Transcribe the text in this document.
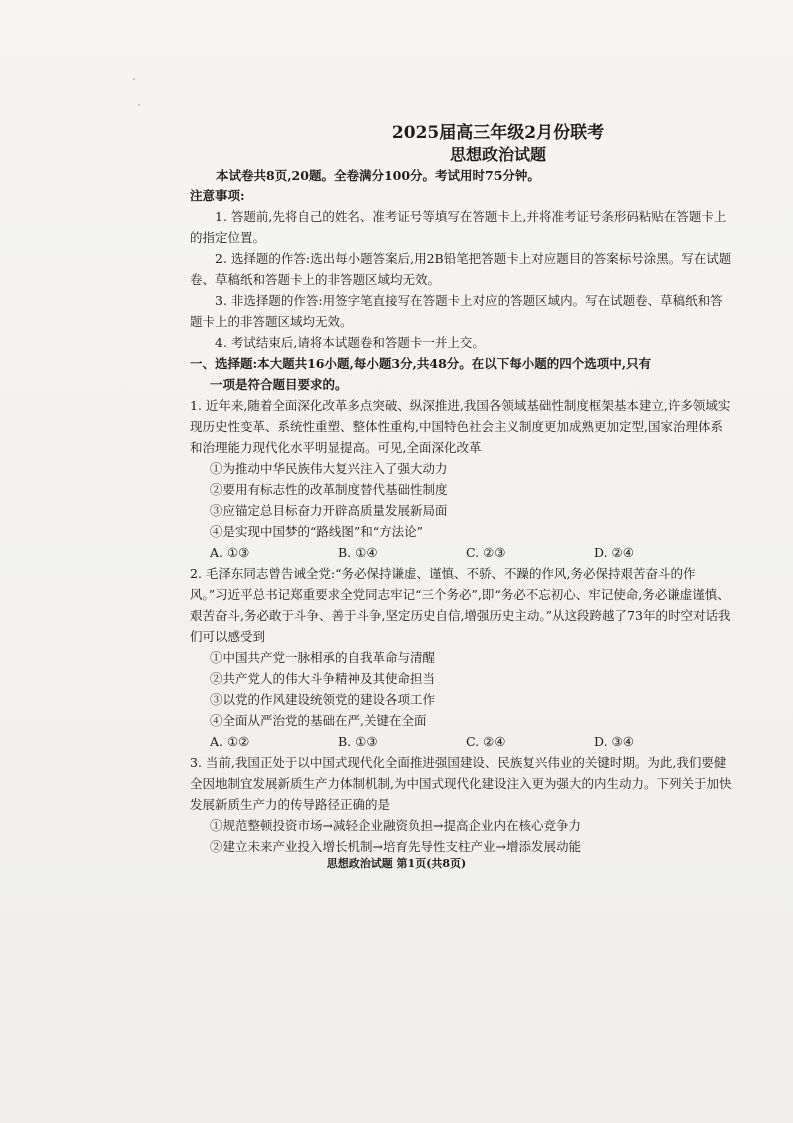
2025届高三年级2月份联考
思想政治试题
本试卷共8页,20题。全卷满分100分。考试用时75分钟。
注意事项:
1. 答题前,先将自己的姓名、准考证号等填写在答题卡上,并将准考证号条形码粘贴在答题卡上的指定位置。
2. 选择题的作答:选出每小题答案后,用2B铅笔把答题卡上对应题目的答案标号涂黑。写在试题卷、草稿纸和答题卡上的非答题区域均无效。
3. 非选择题的作答:用签字笔直接写在答题卡上对应的答题区域内。写在试题卷、草稿纸和答题卡上的非答题区域均无效。
4. 考试结束后,请将本试题卷和答题卡一并上交。
一、选择题:本大题共16小题,每小题3分,共48分。在以下每小题的四个选项中,只有
一项是符合题目要求的。
1. 近年来,随着全面深化改革多点突破、纵深推进,我国各领域基础性制度框架基本建立,许多领域实现历史性变革、系统性重塑、整体性重构,中国特色社会主义制度更加成熟更加定型,国家治理体系和治理能力现代化水平明显提高。可见,全面深化改革
①为推动中华民族伟大复兴注入了强大动力
②要用有标志性的改革制度替代基础性制度
③应锚定总目标奋力开辟高质量发展新局面
④是实现中国梦的“路线图”和“方法论”
A. ①③	B. ①④	C. ②③	D. ②④
2. 毛泽东同志曾告诫全党:“务必保持谦虚、谨慎、不骄、不躁的作风,务必保持艰苦奋斗的作风。”习近平总书记郑重要求全党同志牢记“三个务必”,即“务必不忘初心、牢记使命,务必谦虚谨慎、艰苦奋斗,务必敢于斗争、善于斗争,坚定历史自信,增强历史主动。”从这段跨越了73年的时空对话我们可以感受到
①中国共产党一脉相承的自我革命与清醒
②共产党人的伟大斗争精神及其使命担当
③以党的作风建设统领党的建设各项工作
④全面从严治党的基础在严,关键在全面
A. ①②	B. ①③	C. ②④	D. ③④
3. 当前,我国正处于以中国式现代化全面推进强国建设、民族复兴伟业的关键时期。为此,我们要健全因地制宜发展新质生产力体制机制,为中国式现代化建设注入更为强大的内生动力。下列关于加快发展新质生产力的传导路径正确的是
①规范整顿投资市场→减轻企业融资负担→提高企业内在核心竞争力
②建立未来产业投入增长机制→培育先导性支柱产业→增添发展动能
思想政治试题 第1页(共8页)
